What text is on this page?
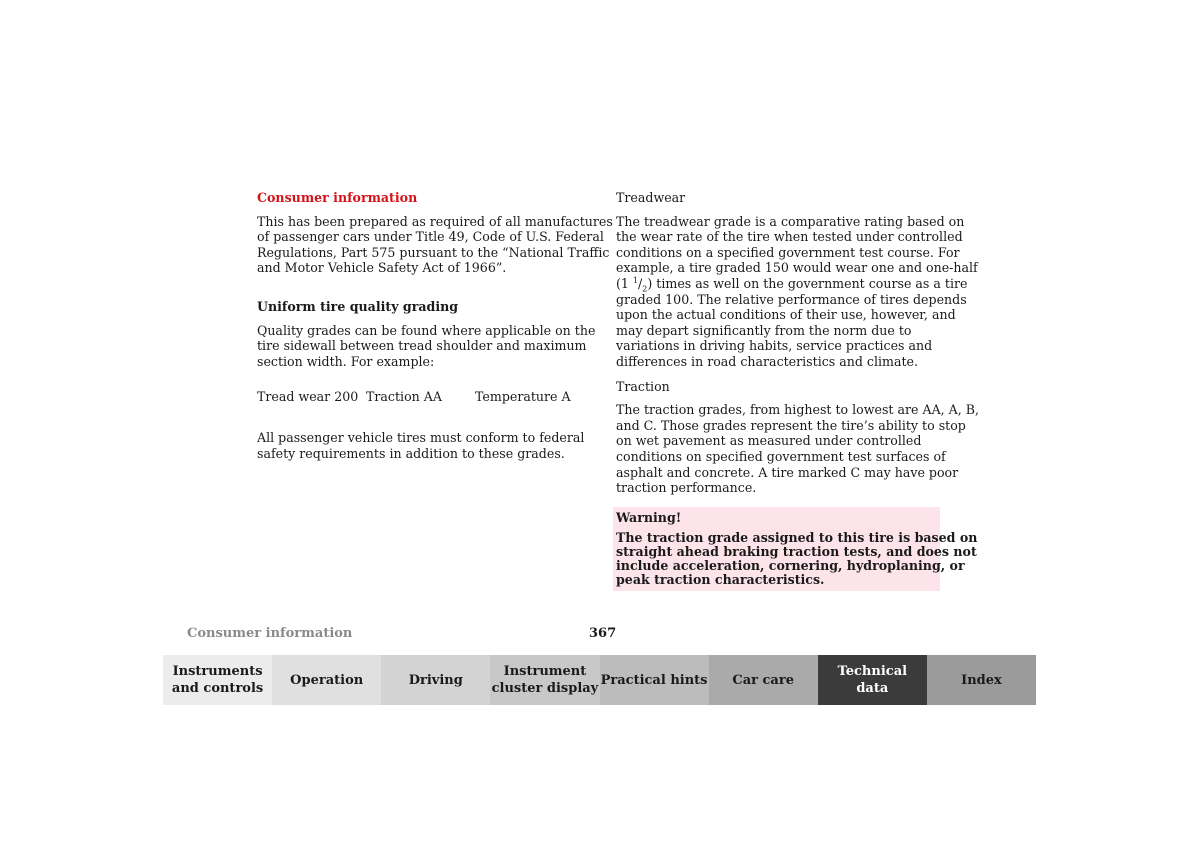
Consumer information
This has been prepared as required of all manufactures
of passenger cars under Title 49, Code of U.S. Federal
Regulations, Part 575 pursuant to the “National Traffic
and Motor Vehicle Safety Act of 1966”.
Uniform tire quality grading
Quality grades can be found where applicable on the
tire sidewall between tread shoulder and maximum
section width. For example:
Tread wear 200 Traction AA	Temperature A
All passenger vehicle tires must conform to federal
safety requirements in addition to these grades.
Treadwear
The treadwear grade is a comparative rating based on
the wear rate of the tire when tested under controlled
conditions on a specified government test course. For
example, a tire graded 150 would wear one and one-half
(1 $^1/_2$) times as well on the government course as a tire
graded 100. The relative performance of tires depends
upon the actual conditions of their use, however, and
may depart significantly from the norm due to
variations in driving habits, service practices and
differences in road characteristics and climate.
Traction
The traction grades, from highest to lowest are AA, A, B,
and C. Those grades represent the tire’s ability to stop
on wet pavement as measured under controlled
conditions on specified government test surfaces of
asphalt and concrete. A tire marked C may have poor
traction performance.
Warning!
The traction grade assigned to this tire is based on
straight ahead braking traction tests, and does not
include acceleration, cornering, hydroplaning, or
peak traction characteristics.
Consumer information	367
Instruments
and controls
Operation	Driving
Instrument
cluster display
Practical hints Car care
Technical
data
Index
